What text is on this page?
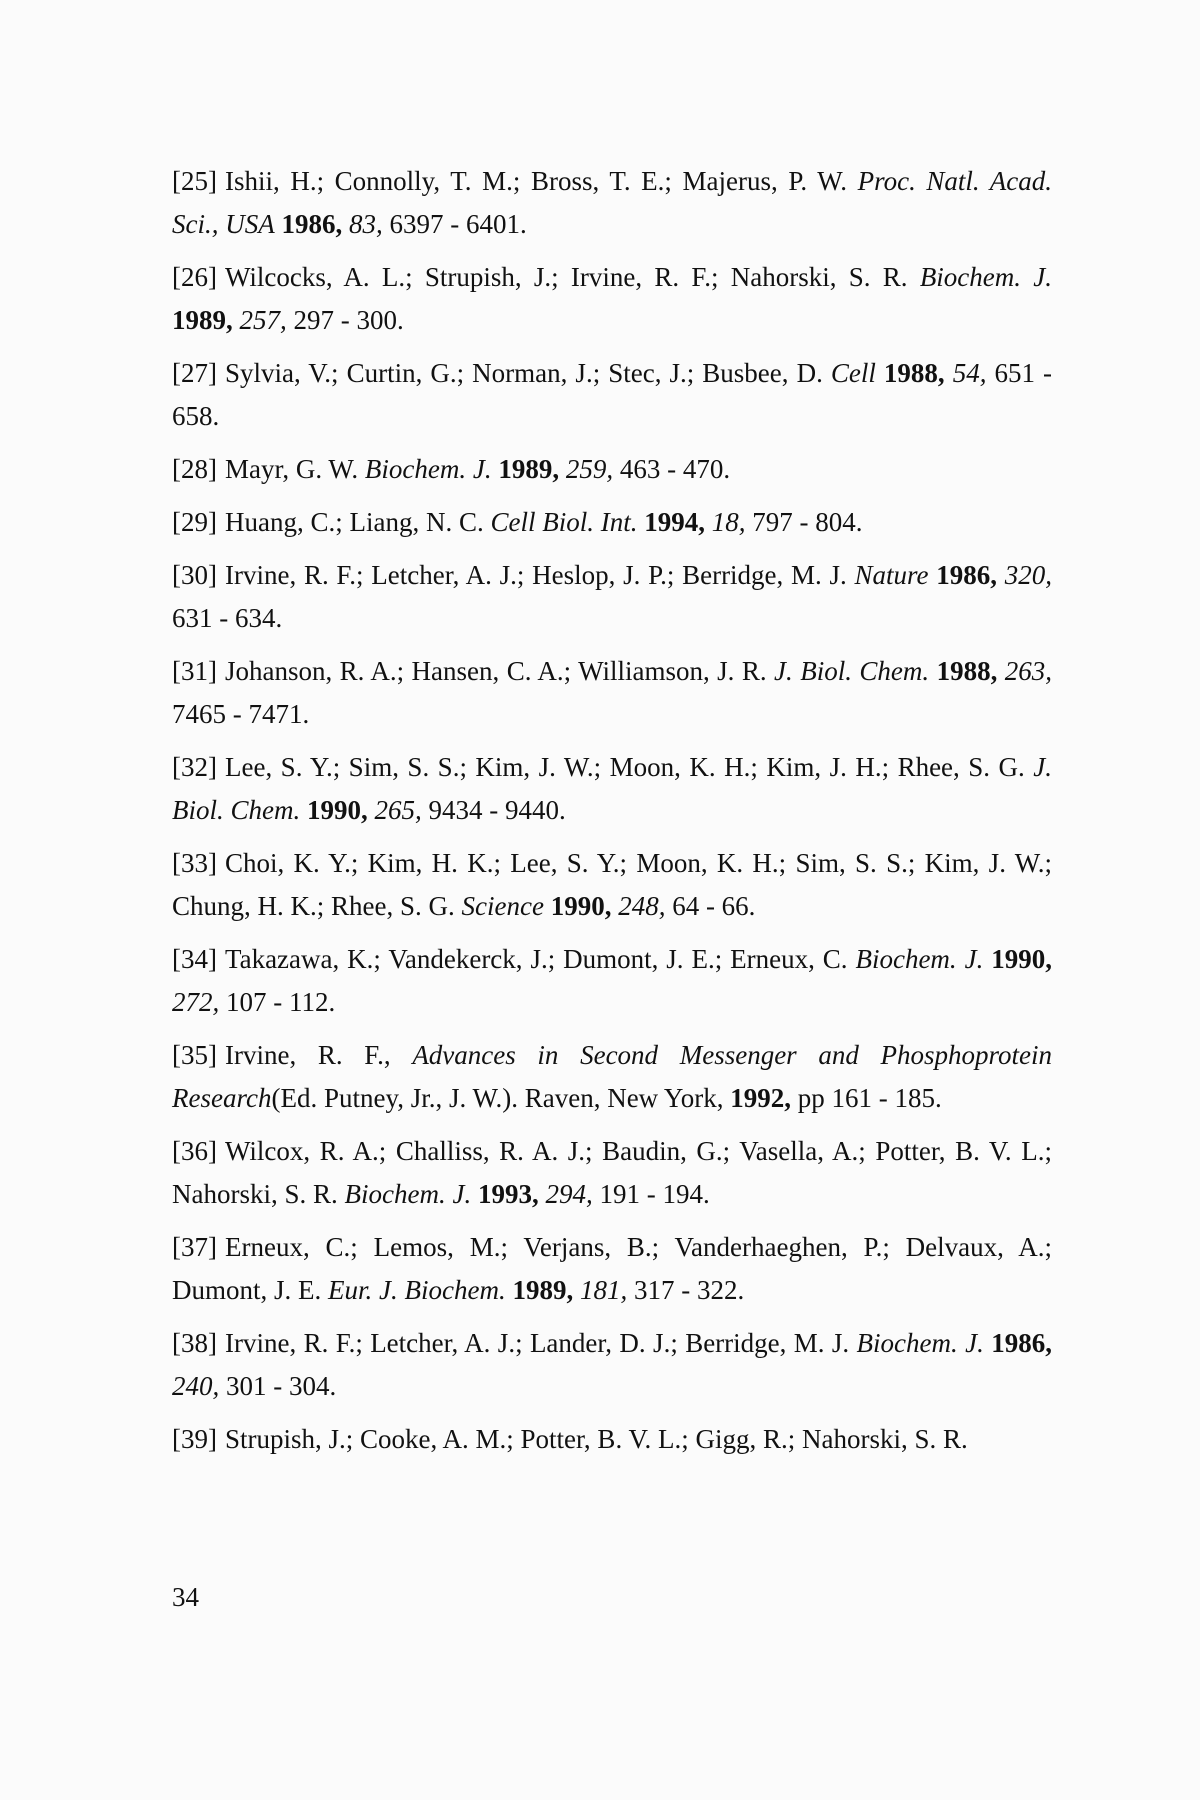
[25] Ishii, H.; Connolly, T. M.; Bross, T. E.; Majerus, P. W. Proc. Natl. Acad. Sci., USA 1986, 83, 6397 - 6401.
[26] Wilcocks, A. L.; Strupish, J.; Irvine, R. F.; Nahorski, S. R. Biochem. J. 1989, 257, 297 - 300.
[27] Sylvia, V.; Curtin, G.; Norman, J.; Stec, J.; Busbee, D. Cell 1988, 54, 651 - 658.
[28] Mayr, G. W. Biochem. J. 1989, 259, 463 - 470.
[29] Huang, C.; Liang, N. C. Cell Biol. Int. 1994, 18, 797 - 804.
[30] Irvine, R. F.; Letcher, A. J.; Heslop, J. P.; Berridge, M. J. Nature 1986, 320, 631 - 634.
[31] Johanson, R. A.; Hansen, C. A.; Williamson, J. R. J. Biol. Chem. 1988, 263, 7465 - 7471.
[32] Lee, S. Y.; Sim, S. S.; Kim, J. W.; Moon, K. H.; Kim, J. H.; Rhee, S. G. J. Biol. Chem. 1990, 265, 9434 - 9440.
[33] Choi, K. Y.; Kim, H. K.; Lee, S. Y.; Moon, K. H.; Sim, S. S.; Kim, J. W.; Chung, H. K.; Rhee, S. G. Science 1990, 248, 64 - 66.
[34] Takazawa, K.; Vandekerck, J.; Dumont, J. E.; Erneux, C. Biochem. J. 1990, 272, 107 - 112.
[35] Irvine, R. F., Advances in Second Messenger and Phosphoprotein Research(Ed. Putney, Jr., J. W.). Raven, New York, 1992, pp 161 - 185.
[36] Wilcox, R. A.; Challiss, R. A. J.; Baudin, G.; Vasella, A.; Potter, B. V. L.; Nahorski, S. R. Biochem. J. 1993, 294, 191 - 194.
[37] Erneux, C.; Lemos, M.; Verjans, B.; Vanderhaeghen, P.; Delvaux, A.; Dumont, J. E. Eur. J. Biochem. 1989, 181, 317 - 322.
[38] Irvine, R. F.; Letcher, A. J.; Lander, D. J.; Berridge, M. J. Biochem. J. 1986, 240, 301 - 304.
[39] Strupish, J.; Cooke, A. M.; Potter, B. V. L.; Gigg, R.; Nahorski, S. R.
34
